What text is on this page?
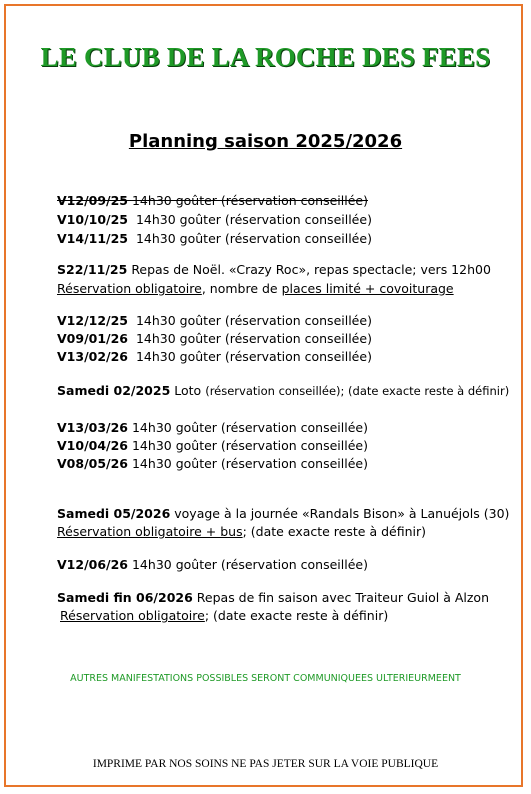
LE CLUB DE LA ROCHE DES FEES
Planning saison 2025/2026
V12/09/25 14h30 goûter (réservation conseillée)
V10/10/25 14h30 goûter (réservation conseillée)
V14/11/25 14h30 goûter (réservation conseillée)
S22/11/25 Repas de Noël. «Crazy Roc», repas spectacle; vers 12h00
Réservation obligatoire, nombre de places limité + covoiturage
V12/12/25 14h30 goûter (réservation conseillée)
V09/01/26 14h30 goûter (réservation conseillée)
V13/02/26 14h30 goûter (réservation conseillée)
Samedi 02/2025 Loto (réservation conseillée); (date exacte reste à définir)
V13/03/26 14h30 goûter (réservation conseillée)
V10/04/26 14h30 goûter (réservation conseillée)
V08/05/26 14h30 goûter (réservation conseillée)
Samedi 05/2026 voyage à la journée «Randals Bison» à Lanuéjols (30)
Réservation obligatoire + bus; (date exacte reste à définir)
V12/06/26 14h30 goûter (réservation conseillée)
Samedi fin 06/2026 Repas de fin saison avec Traiteur Guiol à Alzon
Réservation obligatoire; (date exacte reste à définir)
AUTRES MANIFESTATIONS POSSIBLES SERONT COMMUNIQUEES ULTERIEURMEENT
IMPRIME PAR NOS SOINS NE PAS JETER SUR LA VOIE PUBLIQUE
